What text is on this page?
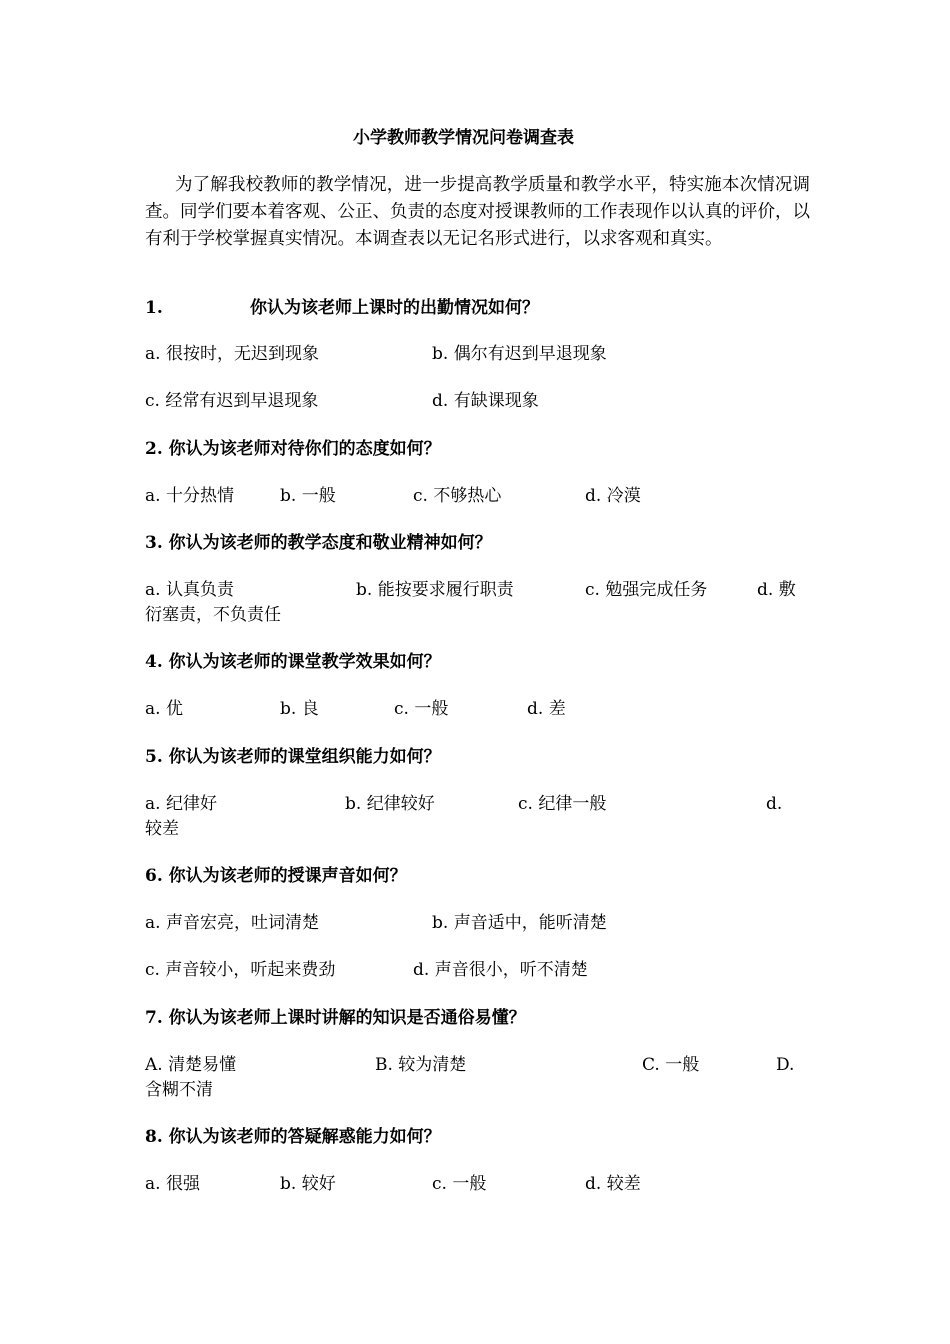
小学教师教学情况问卷调查表
为了解我校教师的教学情况，进一步提高教学质量和教学水平，特实施本次情况调查。同学们要本着客观、公正、负责的态度对授课教师的工作表现作以认真的评价，以有利于学校掌握真实情况。本调查表以无记名形式进行，以求客观和真实。
1.	你认为该老师上课时的出勤情况如何？
a. 很按时，无迟到现象	b. 偶尔有迟到早退现象
c. 经常有迟到早退现象	d. 有缺课现象
2. 你认为该老师对待你们的态度如何？
a. 十分热情	b. 一般	c. 不够热心	d. 冷漠
3. 你认为该老师的教学态度和敬业精神如何？
a. 认真负责	b. 能按要求履行职责	c. 勉强完成任务	d. 敷
衍塞责，不负责任
4. 你认为该老师的课堂教学效果如何？
a. 优	b. 良	c. 一般	d. 差
5. 你认为该老师的课堂组织能力如何？
a. 纪律好	b. 纪律较好	c. 纪律一般	d.
较差
6. 你认为该老师的授课声音如何？
a. 声音宏亮，吐词清楚	b. 声音适中，能听清楚
c. 声音较小，听起来费劲	d. 声音很小，听不清楚
7. 你认为该老师上课时讲解的知识是否通俗易懂？
A. 清楚易懂	B. 较为清楚	C. 一般	D.
含糊不清
8. 你认为该老师的答疑解惑能力如何？
a. 很强	b. 较好	c. 一般	d. 较差
